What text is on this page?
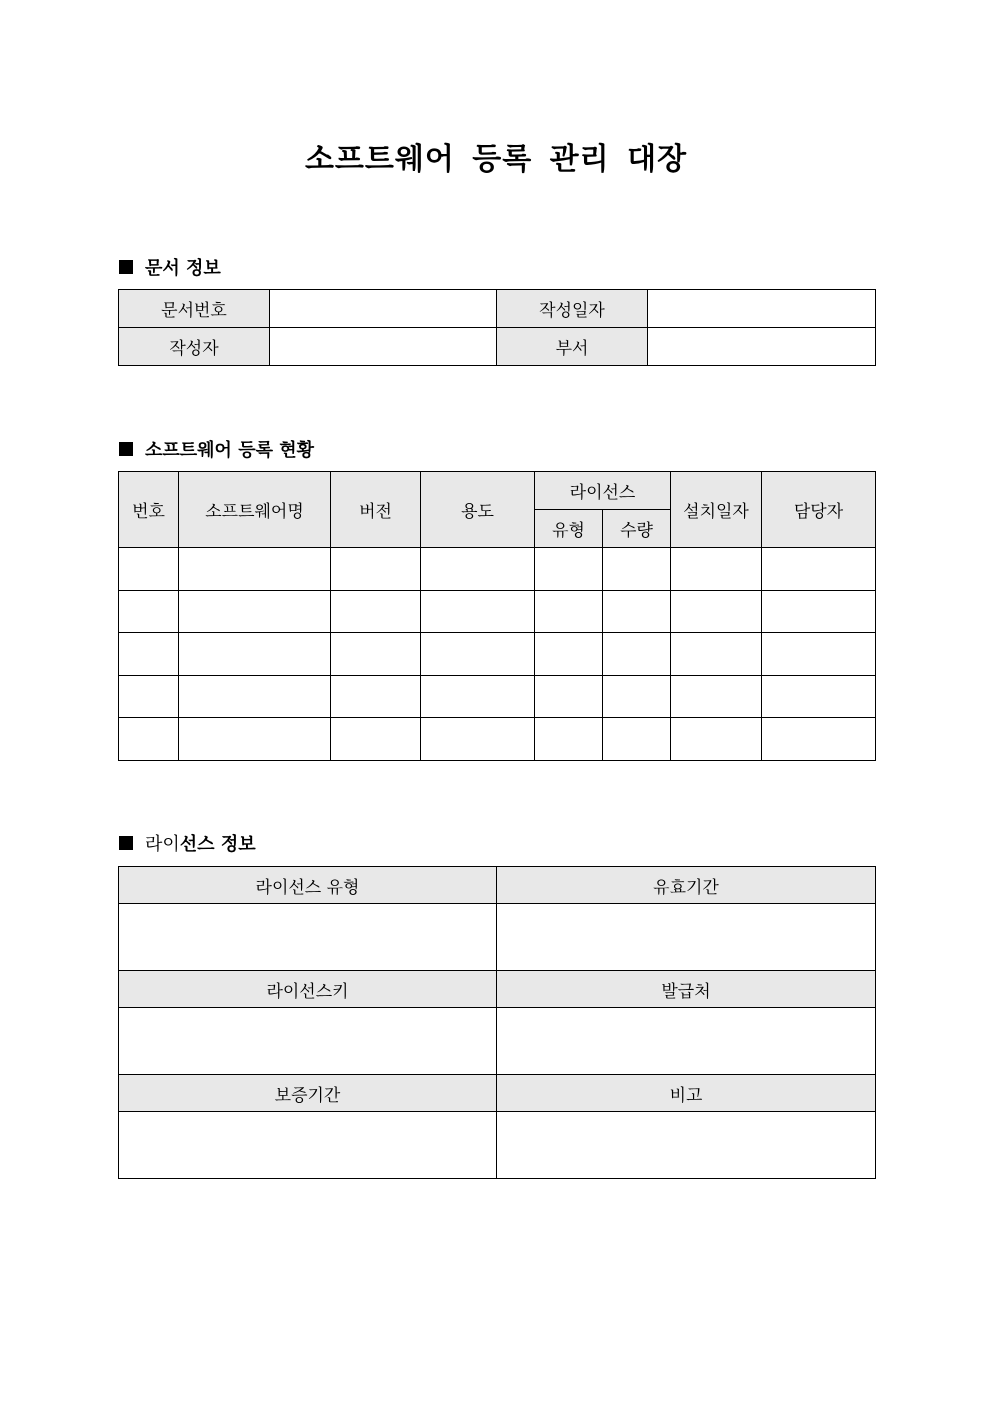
소프트웨어 등록 관리 대장
문서 정보
문서번호		작성일자	
작성자		부서	
소프트웨어 등록 현황
번호	소프트웨어명	버전	용도	라이선스		설치일자	담당자
				유형	수량		

라이 선스 정보
라이선스 유형	유효기간

라이선스키	발급처

보증기간	비고
